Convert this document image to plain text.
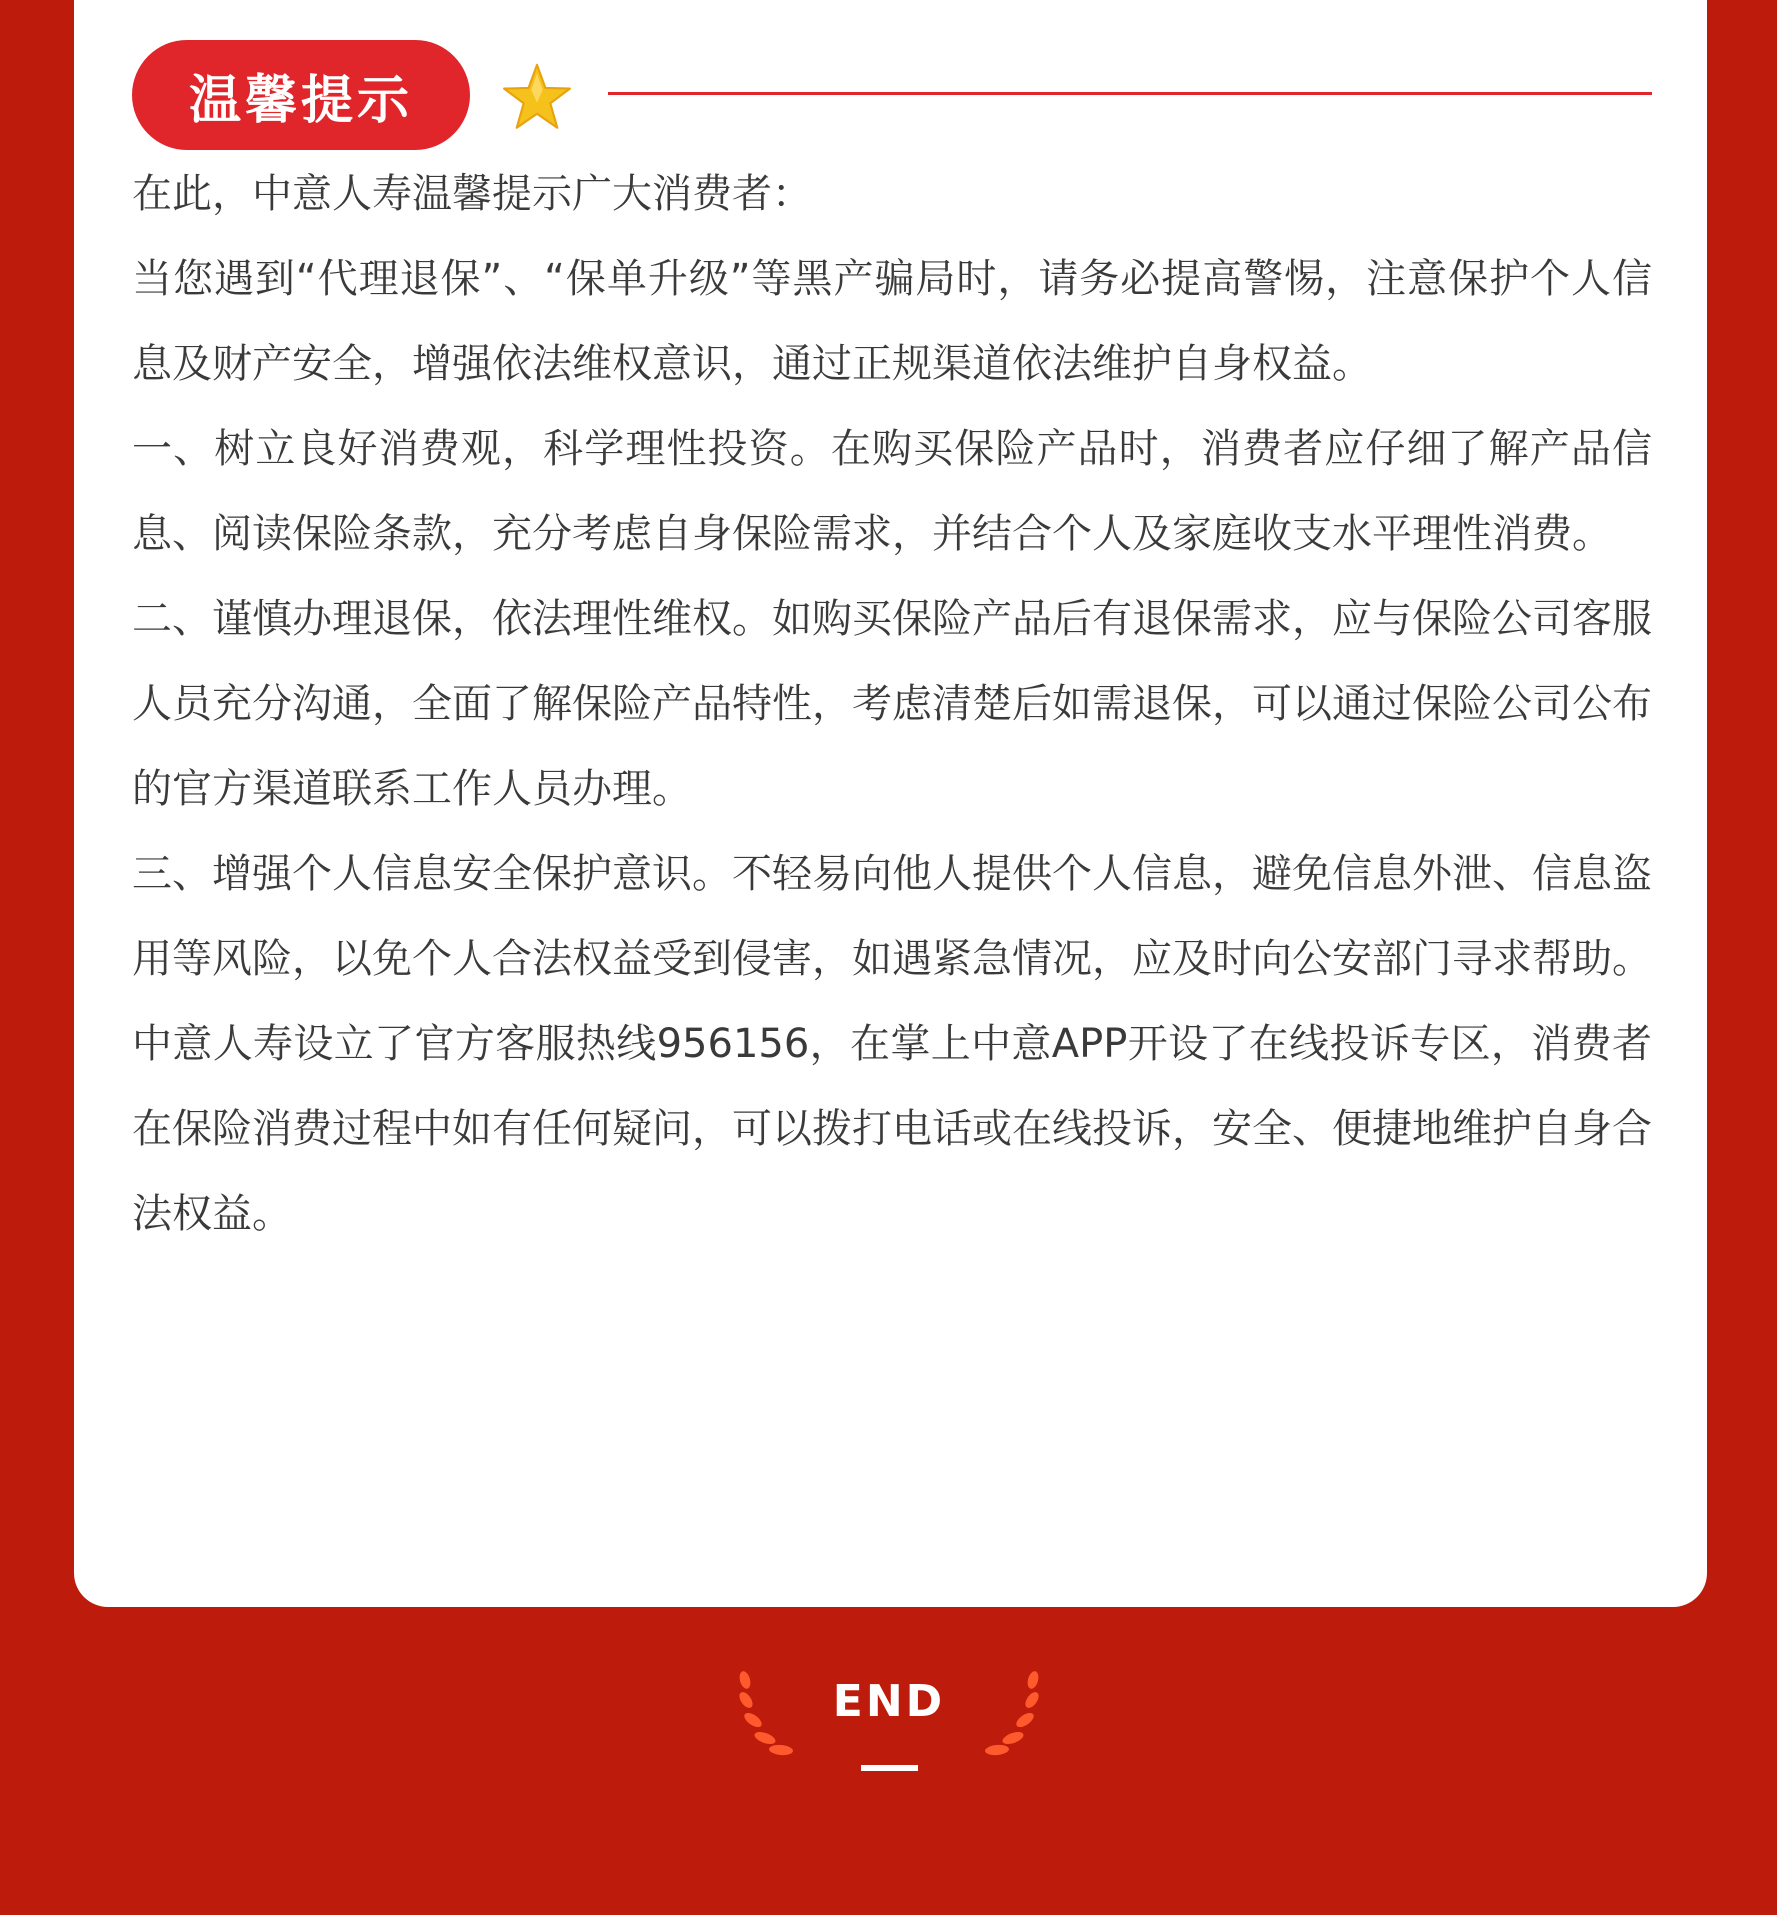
温馨提示

在此，中意人寿温馨提示广大消费者：

当您遇到“代理退保”、“保单升级”等黑产骗局时，请务必提高警惕，注意保护个人信息及财产安全，增强依法维权意识，通过正规渠道依法维护自身权益。

一、树立良好消费观，科学理性投资。在购买保险产品时，消费者应仔细了解产品信息、阅读保险条款，充分考虑自身保险需求，并结合个人及家庭收支水平理性消费。

二、谨慎办理退保，依法理性维权。如购买保险产品后有退保需求，应与保险公司客服人员充分沟通，全面了解保险产品特性，考虑清楚后如需退保，可以通过保险公司公布的官方渠道联系工作人员办理。

三、增强个人信息安全保护意识。不轻易向他人提供个人信息，避免信息外泄、信息盗用等风险，以免个人合法权益受到侵害，如遇紧急情况，应及时向公安部门寻求帮助。

中意人寿设立了官方客服热线956156，在掌上中意APP开设了在线投诉专区，消费者在保险消费过程中如有任何疑问，可以拨打电话或在线投诉，安全、便捷地维护自身合法权益。

END
